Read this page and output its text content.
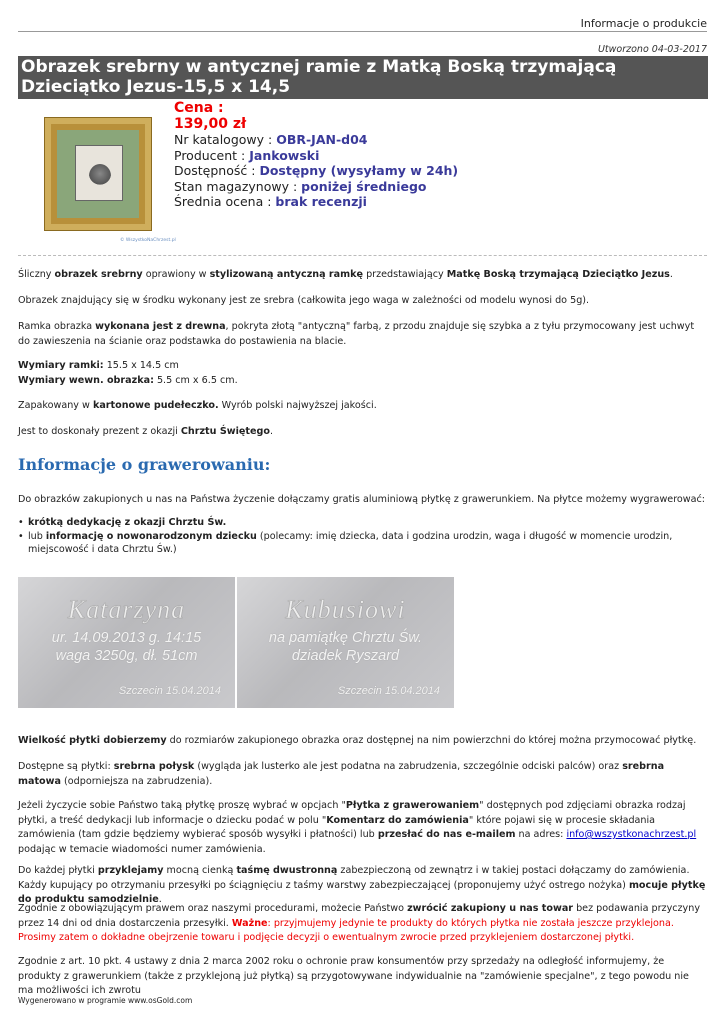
Informacje o produkcie
Utworzono 04-03-2017
Obrazek srebrny w antycznej ramie z Matką Boską trzymającą Dzieciątko Jezus-15,5 x 14,5
© WszystkoNaChrzest.pl
Cena :
139,00 zł
Nr katalogowy : OBR-JAN-d04
Producent : Jankowski
Dostępność : Dostępny (wysyłamy w 24h)
Stan magazynowy : poniżej średniego
Średnia ocena : brak recenzji

Śliczny obrazek srebrny oprawiony w stylizowaną antyczną ramkę przedstawiający Matkę Boską trzymającą Dzieciątko Jezus.

Obrazek znajdujący się w środku wykonany jest ze srebra (całkowita jego waga w zależności od modelu wynosi do 5g).

Ramka obrazka wykonana jest z drewna, pokryta złotą "antyczną" farbą, z przodu znajduje się szybka a z tyłu przymocowany jest uchwyt do zawieszenia na ścianie oraz podstawka do postawienia na blacie.

Wymiary ramki: 15.5 x 14.5 cm
Wymiary wewn. obrazka: 5.5 cm x 6.5 cm.

Zapakowany w kartonowe pudełeczko. Wyrób polski najwyższej jakości.

Jest to doskonały prezent z okazji Chrztu Świętego.

Informacje o grawerowaniu:

Do obrazków zakupionych u nas na Państwa życzenie dołączamy gratis aluminiową płytkę z grawerunkiem. Na płytce możemy wygrawerować:

• krótką dedykację z okazji Chrztu Św.
• lub informację o nowonarodzonym dziecku (polecamy: imię dziecka, data i godzina urodzin, waga i długość w momencie urodzin, miejscowość i data Chrztu Św.)
Katarzyna
ur. 14.09.2013 g. 14:15
waga 3250g, dł. 51cm
Szczecin 15.04.2014
Kubusiowi
na pamiątkę Chrztu Św.
dziadek Ryszard
Szczecin 15.04.2014

Wielkość płytki dobierzemy do rozmiarów zakupionego obrazka oraz dostępnej na nim powierzchni do której można przymocować płytkę.

Dostępne są płytki: srebrna połysk (wygląda jak lusterko ale jest podatna na zabrudzenia, szczególnie odciski palców) oraz srebrna matowa (odporniejsza na zabrudzenia).

Jeżeli życzycie sobie Państwo taką płytkę proszę wybrać w opcjach "Płytka z grawerowaniem" dostępnych pod zdjęciami obrazka rodzaj płytki, a treść dedykacji lub informacje o dziecku podać w polu "Komentarz do zamówienia" które pojawi się w procesie składania zamówienia (tam gdzie będziemy wybierać sposób wysyłki i płatności) lub przesłać do nas e-mailem na adres: info@wszystkonachrzest.pl podając w temacie wiadomości numer zamówienia.

Do każdej płytki przyklejamy mocną cienką taśmę dwustronną zabezpieczoną od zewnątrz i w takiej postaci dołączamy do zamówienia. Każdy kupujący po otrzymaniu przesyłki po ściągnięciu z taśmy warstwy zabezpieczającej (proponujemy użyć ostrego nożyka) mocuje płytkę do produktu samodzielnie.

Zgodnie z obowiązującym prawem oraz naszymi procedurami, możecie Państwo zwrócić zakupiony u nas towar bez podawania przyczyny przez 14 dni od dnia dostarczenia przesyłki. Ważne: przyjmujemy jedynie te produkty do których płytka nie została jeszcze przyklejona. Prosimy zatem o dokładne obejrzenie towaru i podjęcie decyzji o ewentualnym zwrocie przed przyklejeniem dostarczonej płytki.

Zgodnie z art. 10 pkt. 4 ustawy z dnia 2 marca 2002 roku o ochronie praw konsumentów przy sprzedaży na odległość informujemy, że produkty z grawerunkiem (także z przyklejoną już płytką) są przygotowywane indywidualnie na "zamówienie specjalne", z tego powodu nie ma możliwości ich zwrotu

Wygenerowano w programie www.osGold.com
